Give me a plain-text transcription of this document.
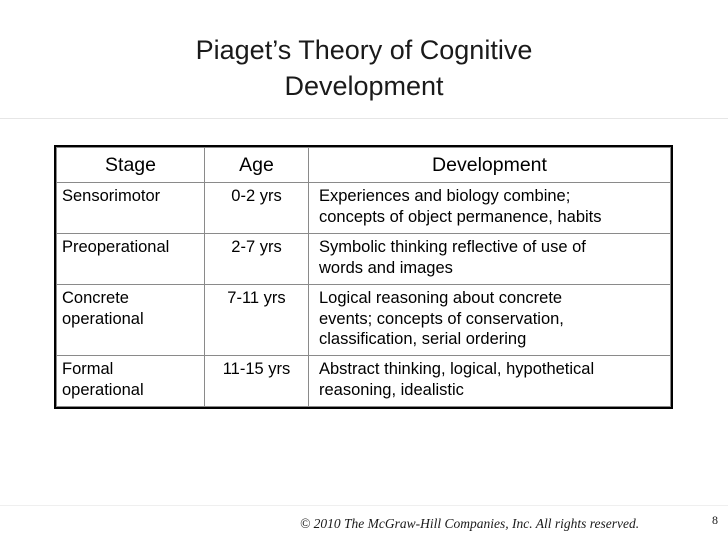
Piaget’s Theory of Cognitive
Development
Stage	Age	Development

Sensorimotor	0-2 yrs	Experiences and biology combine;
concepts of object permanence, habits

Preoperational	2-7 yrs	Symbolic thinking reflective of use of
words and images

Concrete
operational	7-11 yrs	Logical reasoning about concrete
events; concepts of conservation,
classification, serial ordering

Formal
operational	11-15 yrs	Abstract thinking, logical, hypothetical
reasoning, idealistic
© 2010 The McGraw-Hill Companies, Inc. All rights reserved.	8
